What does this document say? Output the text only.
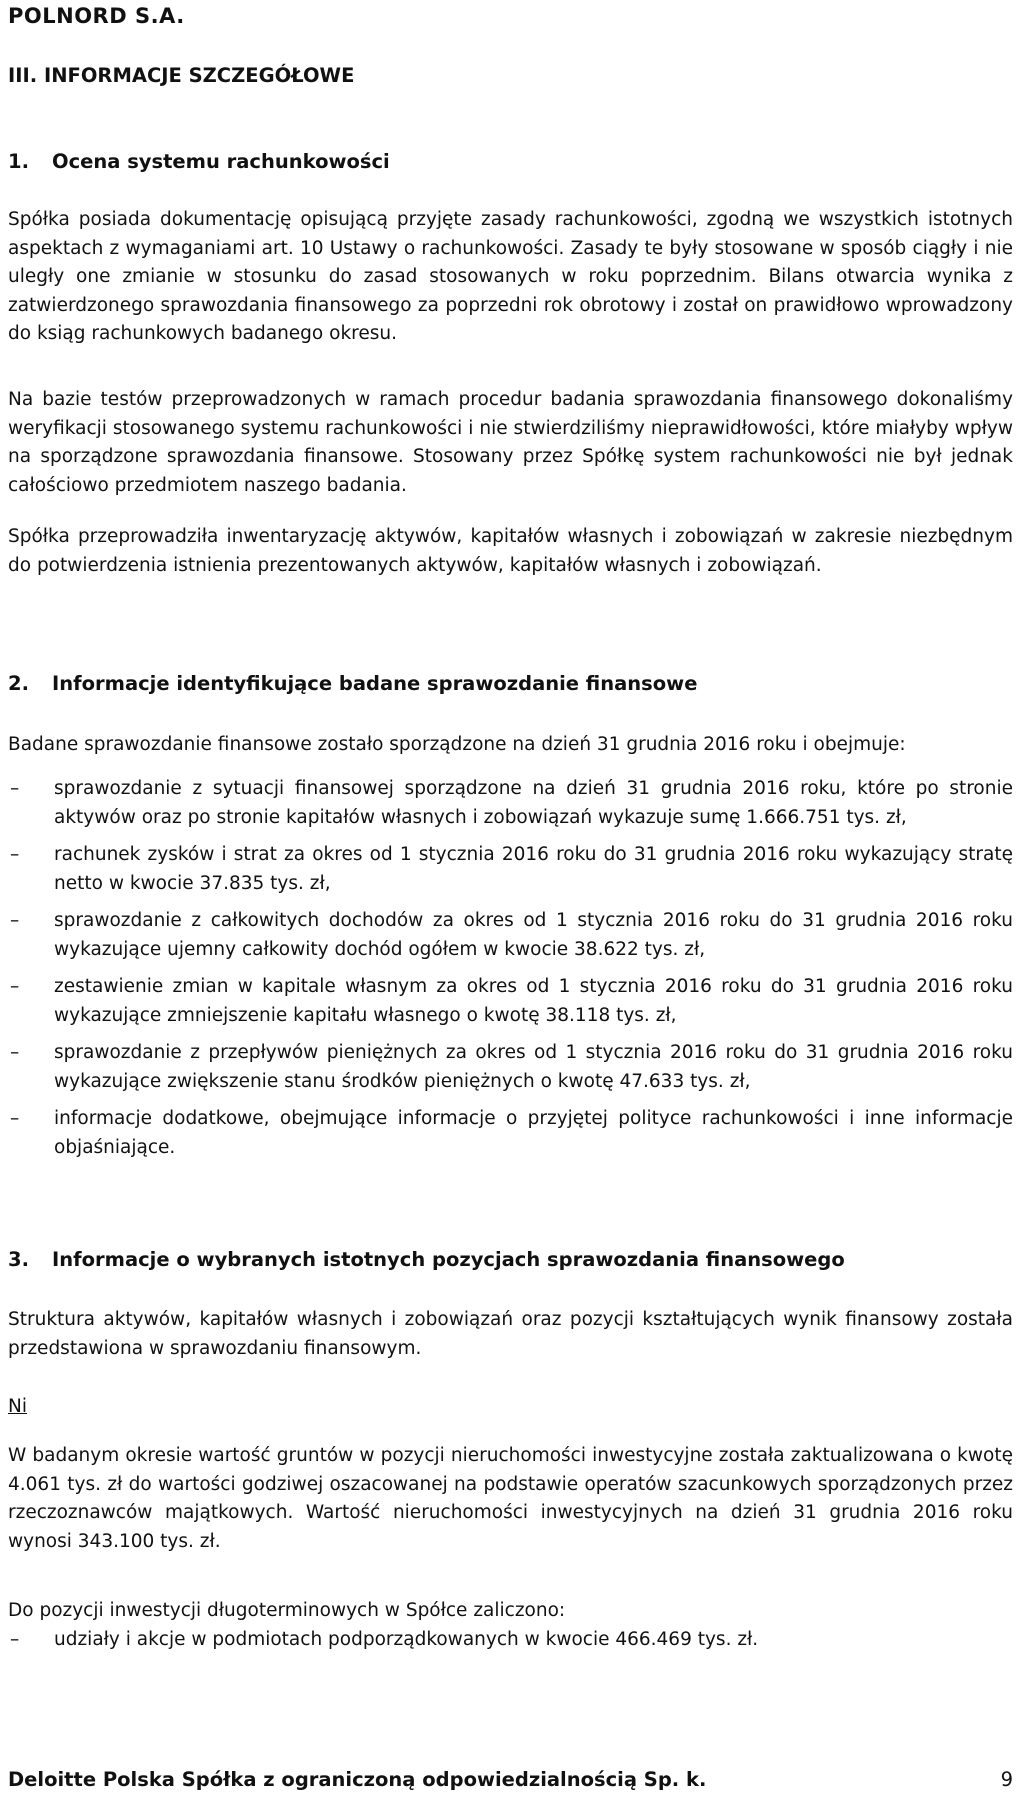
POLNORD S.A.
III. INFORMACJE SZCZEGÓŁOWE
1. Ocena systemu rachunkowości

Spółka posiada dokumentację opisującą przyjęte zasady rachunkowości, zgodną we wszystkich istotnych aspektach z wymaganiami art. 10 Ustawy o rachunkowości. Zasady te były stosowane w sposób ciągły i nie uległy one zmianie w stosunku do zasad stosowanych w roku poprzednim. Bilans otwarcia wynika z zatwierdzonego sprawozdania finansowego za poprzedni rok obrotowy i został on prawidłowo wprowadzony do ksiąg rachunkowych badanego okresu.

Na bazie testów przeprowadzonych w ramach procedur badania sprawozdania finansowego dokonaliśmy weryfikacji stosowanego systemu rachunkowości i nie stwierdziliśmy nieprawidłowości, które miałyby wpływ na sporządzone sprawozdania finansowe. Stosowany przez Spółkę system rachunkowości nie był jednak całościowo przedmiotem naszego badania.

Spółka przeprowadziła inwentaryzację aktywów, kapitałów własnych i zobowiązań w zakresie niezbędnym do potwierdzenia istnienia prezentowanych aktywów, kapitałów własnych i zobowiązań.

2. Informacje identyfikujące badane sprawozdanie finansowe

Badane sprawozdanie finansowe zostało sporządzone na dzień 31 grudnia 2016 roku i obejmuje:

– sprawozdanie z sytuacji finansowej sporządzone na dzień 31 grudnia 2016 roku, które po stronie aktywów oraz po stronie kapitałów własnych i zobowiązań wykazuje sumę 1.666.751 tys. zł,
– rachunek zysków i strat za okres od 1 stycznia 2016 roku do 31 grudnia 2016 roku wykazujący stratę netto w kwocie 37.835 tys. zł,
– sprawozdanie z całkowitych dochodów za okres od 1 stycznia 2016 roku do 31 grudnia 2016 roku wykazujące ujemny całkowity dochód ogółem w kwocie 38.622 tys. zł,
– zestawienie zmian w kapitale własnym za okres od 1 stycznia 2016 roku do 31 grudnia 2016 roku wykazujące zmniejszenie kapitału własnego o kwotę 38.118 tys. zł,
– sprawozdanie z przepływów pieniężnych za okres od 1 stycznia 2016 roku do 31 grudnia 2016 roku wykazujące zwiększenie stanu środków pieniężnych o kwotę 47.633 tys. zł,
– informacje dodatkowe, obejmujące informacje o przyjętej polityce rachunkowości i inne informacje objaśniające.
3. Informacje o wybranych istotnych pozycjach sprawozdania finansowego

Struktura aktywów, kapitałów własnych i zobowiązań oraz pozycji kształtujących wynik finansowy została przedstawiona w sprawozdaniu finansowym.

Ni

W badanym okresie wartość gruntów w pozycji nieruchomości inwestycyjne została zaktualizowana o kwotę 4.061 tys. zł do wartości godziwej oszacowanej na podstawie operatów szacunkowych sporządzonych przez rzeczoznawców majątkowych. Wartość nieruchomości inwestycyjnych na dzień 31 grudnia 2016 roku wynosi 343.100 tys. zł.

Do pozycji inwestycji długoterminowych w Spółce zaliczono:

– udziały i akcje w podmiotach podporządkowanych w kwocie 466.469 tys. zł.
Deloitte Polska Spółka z ograniczoną odpowiedzialnością Sp. k.	9
